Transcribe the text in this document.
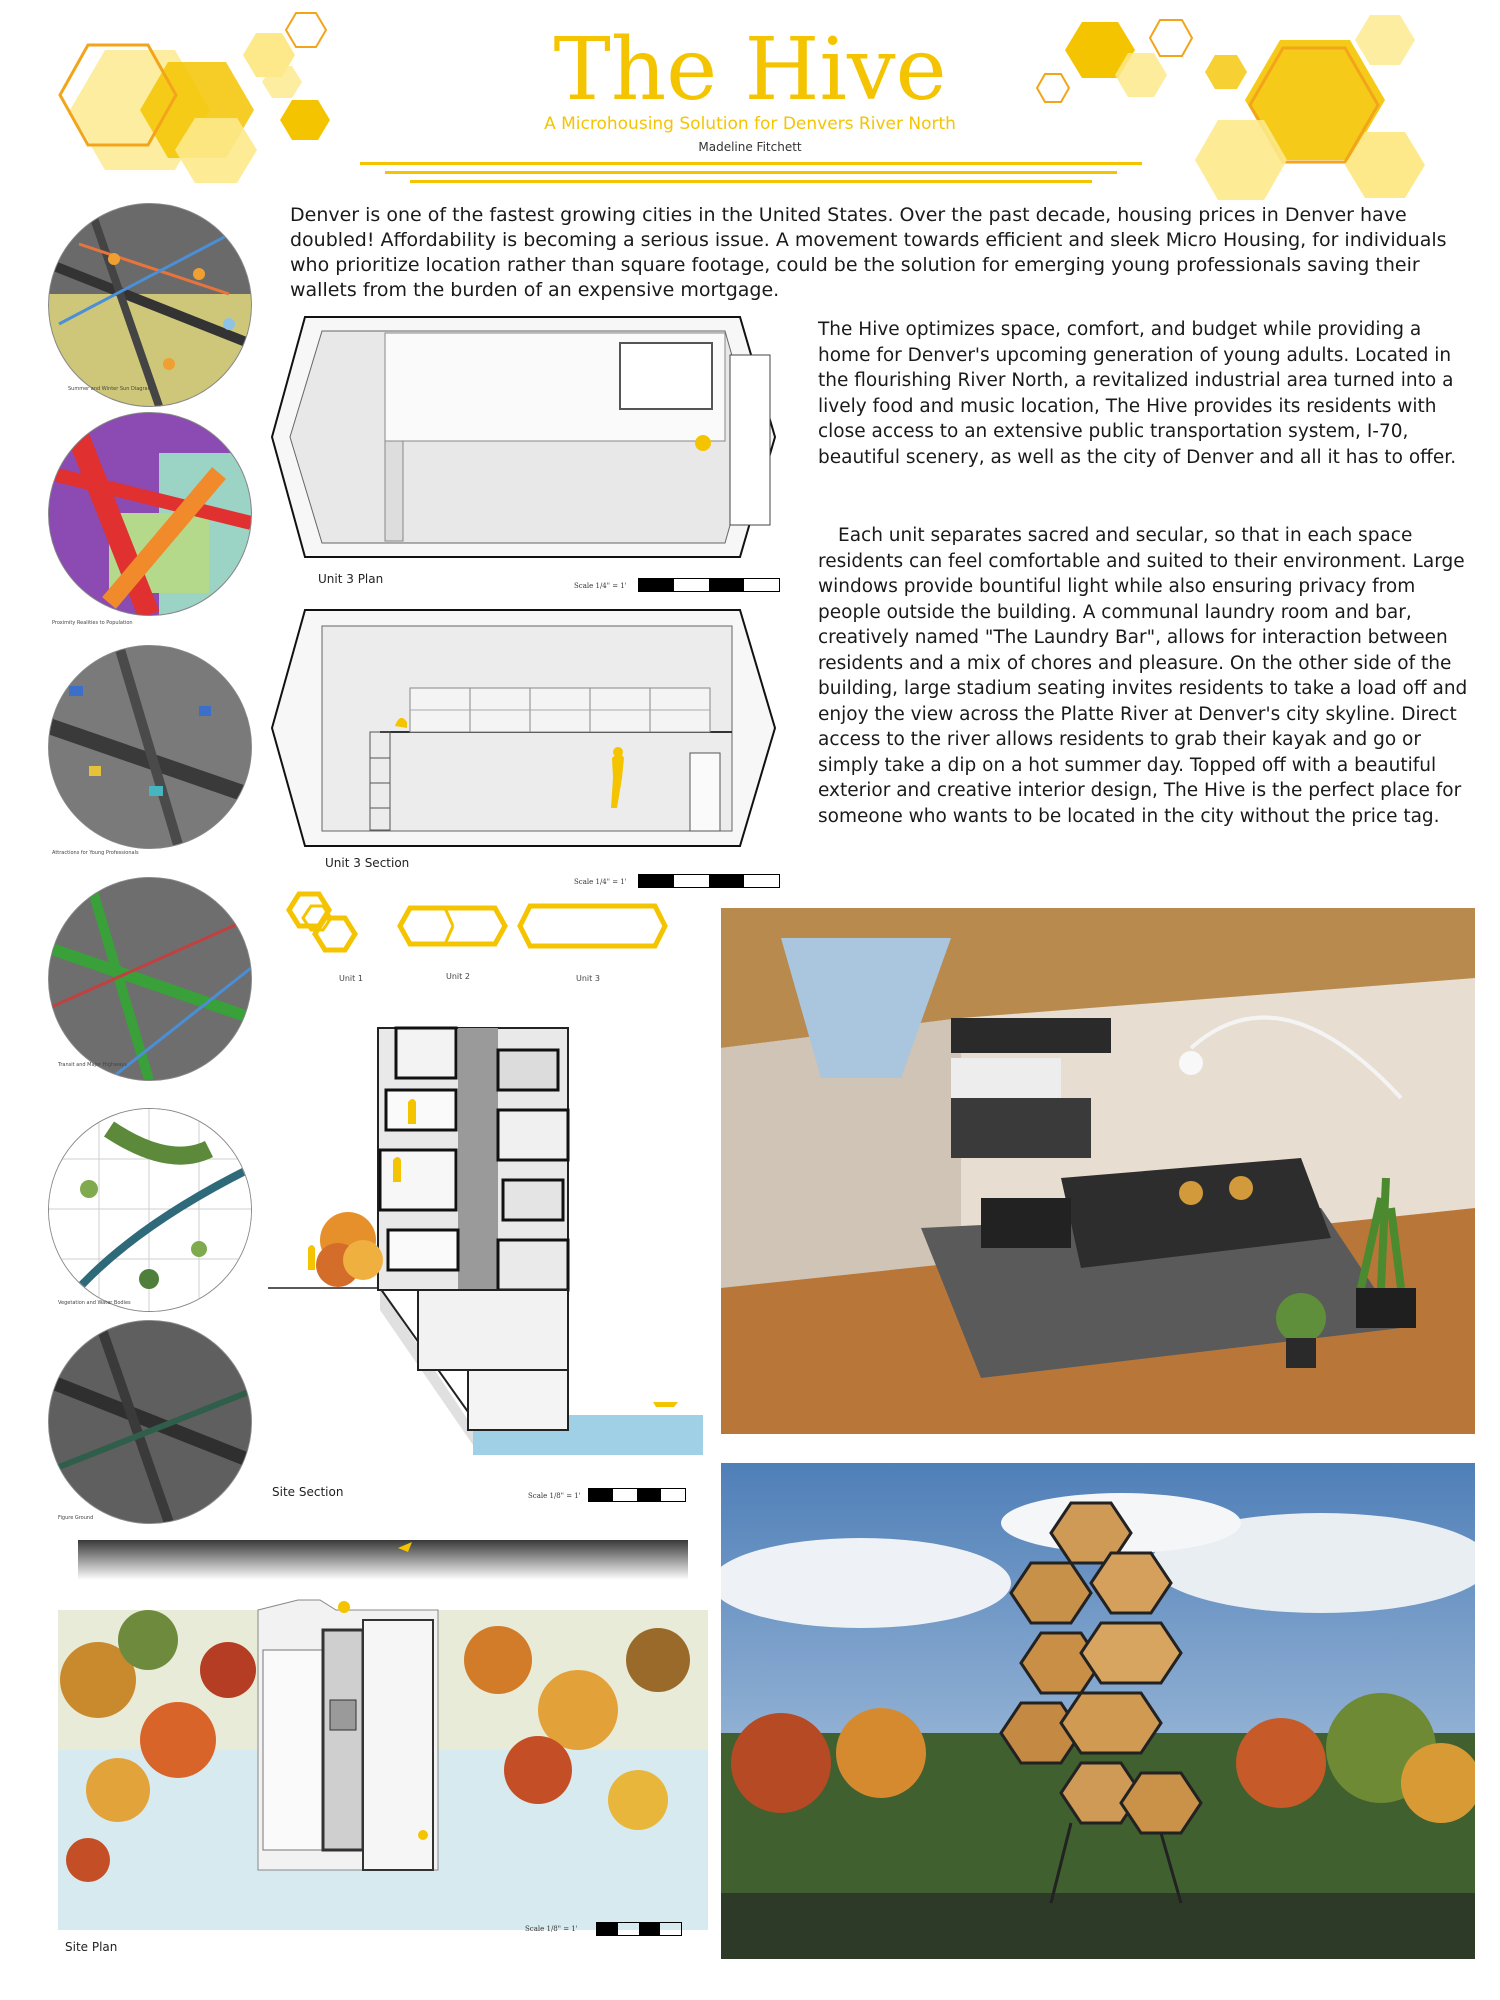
The Hive
A Microhousing Solution for Denvers River North
Madeline Fitchett
Denver is one of the fastest growing cities in the United States. Over the past decade, housing prices in Denver have doubled! Affordability is becoming a serious issue. A movement towards efficient and sleek Micro Housing, for individuals who prioritize location rather than square footage, could be the solution for emerging young professionals saving their wallets from the burden of an expensive mortgage.
The Hive optimizes space, comfort, and budget while providing a home for Denver's upcoming generation of young adults. Located in the flourishing River North, a revitalized industrial area turned into a lively food and music location, The Hive provides its residents with close access to an extensive public transportation system, I-70, beautiful scenery, as well as the city of Denver and all it has to offer.
Each unit separates sacred and secular, so that in each space residents can feel comfortable and suited to their environment. Large windows provide bountiful light while also ensuring privacy from people outside the building. A communal laundry room and bar, creatively named "The Laundry Bar", allows for interaction between residents and a mix of chores and pleasure. On the other side of the building, large stadium seating invites residents to take a load off and enjoy the view across the Platte River at Denver's city skyline. Direct access to the river allows residents to grab their kayak and go or simply take a dip on a hot summer day. Topped off with a beautiful exterior and creative interior design, The Hive is the perfect place for someone who wants to be located in the city without the price tag.
Summer and Winter Sun Diagram
Proximity Realities to Population
Attractions for Young Professionals
Transit and Major Highways
Vegetation and Water Bodies
Figure Ground
Unit 3 Plan	Scale 1/4" = 1'
Unit 3 Section
Scale 1/4" = 1'
Unit 1	Unit 2	Unit 3
Site Section	Scale 1/8" = 1'
Site Plan
Scale 1/8" = 1'
